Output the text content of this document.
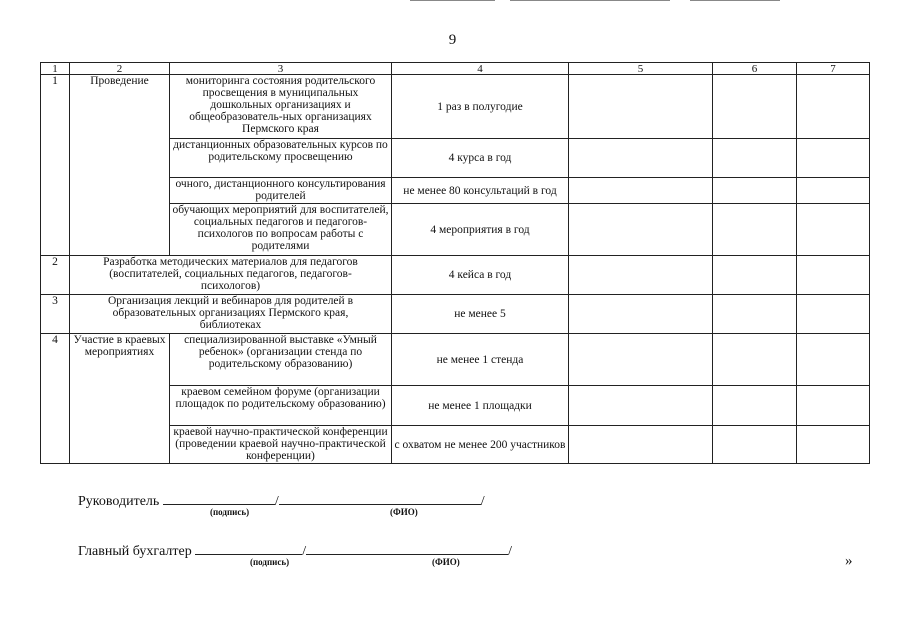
9
1	2	3	4	5	6	7
1	Проведение	мониторинга состояния родительского просвещения в муниципальных дошкольных организациях и общеобразователь-ных организациях Пермского края	1 раз в полугодие			
		дистанционных образовательных курсов по родительскому просвещению	4 курса в год			
		очного, дистанционного консультирования родителей	не менее 80 консультаций в год			
		обучающих мероприятий для воспитателей, социальных педагогов и педагогов-психологов по вопросам работы с родителями	4 мероприятия в год			
2	Разработка методических материалов для педагогов (воспитателей, социальных педагогов, педагогов-психологов)		4 кейса в год			
3	Организация лекций и вебинаров для родителей в образовательных организациях Пермского края, библиотеках		не менее 5			
4	Участие в краевых мероприятиях	специализированной выставке «Умный ребенок» (организации стенда по родительскому образованию)	не менее 1 стенда			
		краевом семейном форуме (организации площадок по родительскому образованию)	не менее 1 площадки			
		краевой научно-практической конференции (проведении краевой научно-практической конференции)	с охватом не менее 200 участников			
Руководитель	/	/
(подпись)	(ФИО)
Главный бухгалтер	/	/
(подпись)	(ФИО)	»
